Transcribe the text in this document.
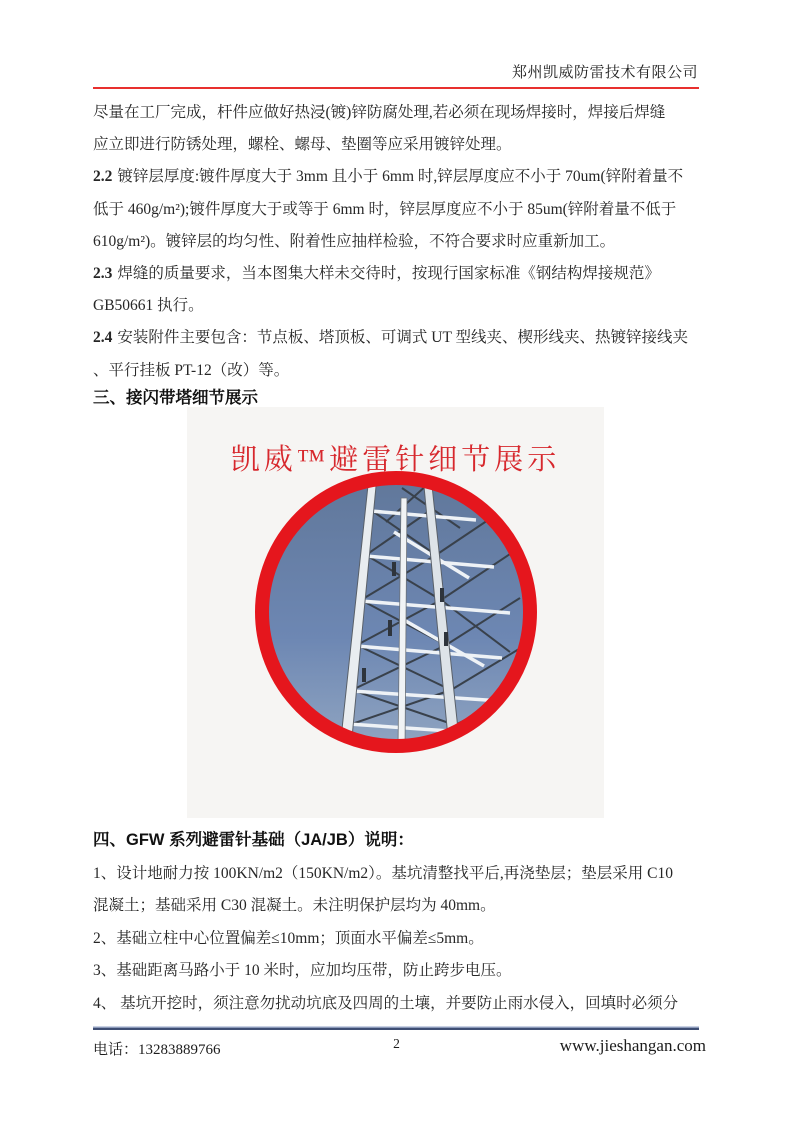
郑州凯威防雷技术有限公司
尽量在工厂完成，杆件应做好热浸(镀)锌防腐处理,若必须在现场焊接时，焊接后焊缝
应立即进行防锈处理，螺栓、螺母、垫圈等应采用镀锌处理。
2.2 镀锌层厚度:镀件厚度大于 3mm 且小于 6mm 时,锌层厚度应不小于 70um(锌附着量不
低于 460g/m²);镀件厚度大于或等于 6mm 时，锌层厚度应不小于 85um(锌附着量不低于
610g/m²)。镀锌层的均匀性、附着性应抽样检验，不符合要求时应重新加工。
2.3 焊缝的质量要求，当本图集大样未交待时，按现行国家标准《钢结构焊接规范》
GB50661 执行。
2.4 安装附件主要包含：节点板、塔顶板、可调式 UT 型线夹、楔形线夹、热镀锌接线夹
、平行挂板 PT-12（改）等。
三、接闪带塔细节展示
凯威™避雷针细节展示
四、GFW 系列避雷针基础（JA/JB）说明：
1、设计地耐力按 100KN/m2（150KN/m2）。基坑清整找平后,再浇垫层；垫层采用 C10
混凝土；基础采用 C30 混凝土。未注明保护层均为 40mm。
2、基础立柱中心位置偏差≤10mm；顶面水平偏差≤5mm。
3、基础距离马路小于 10 米时，应加均压带，防止跨步电压。
4、 基坑开挖时，须注意勿扰动坑底及四周的土壤，并要防止雨水侵入，回填时必须分
电话：13283889766	2	www.jieshangan.com
